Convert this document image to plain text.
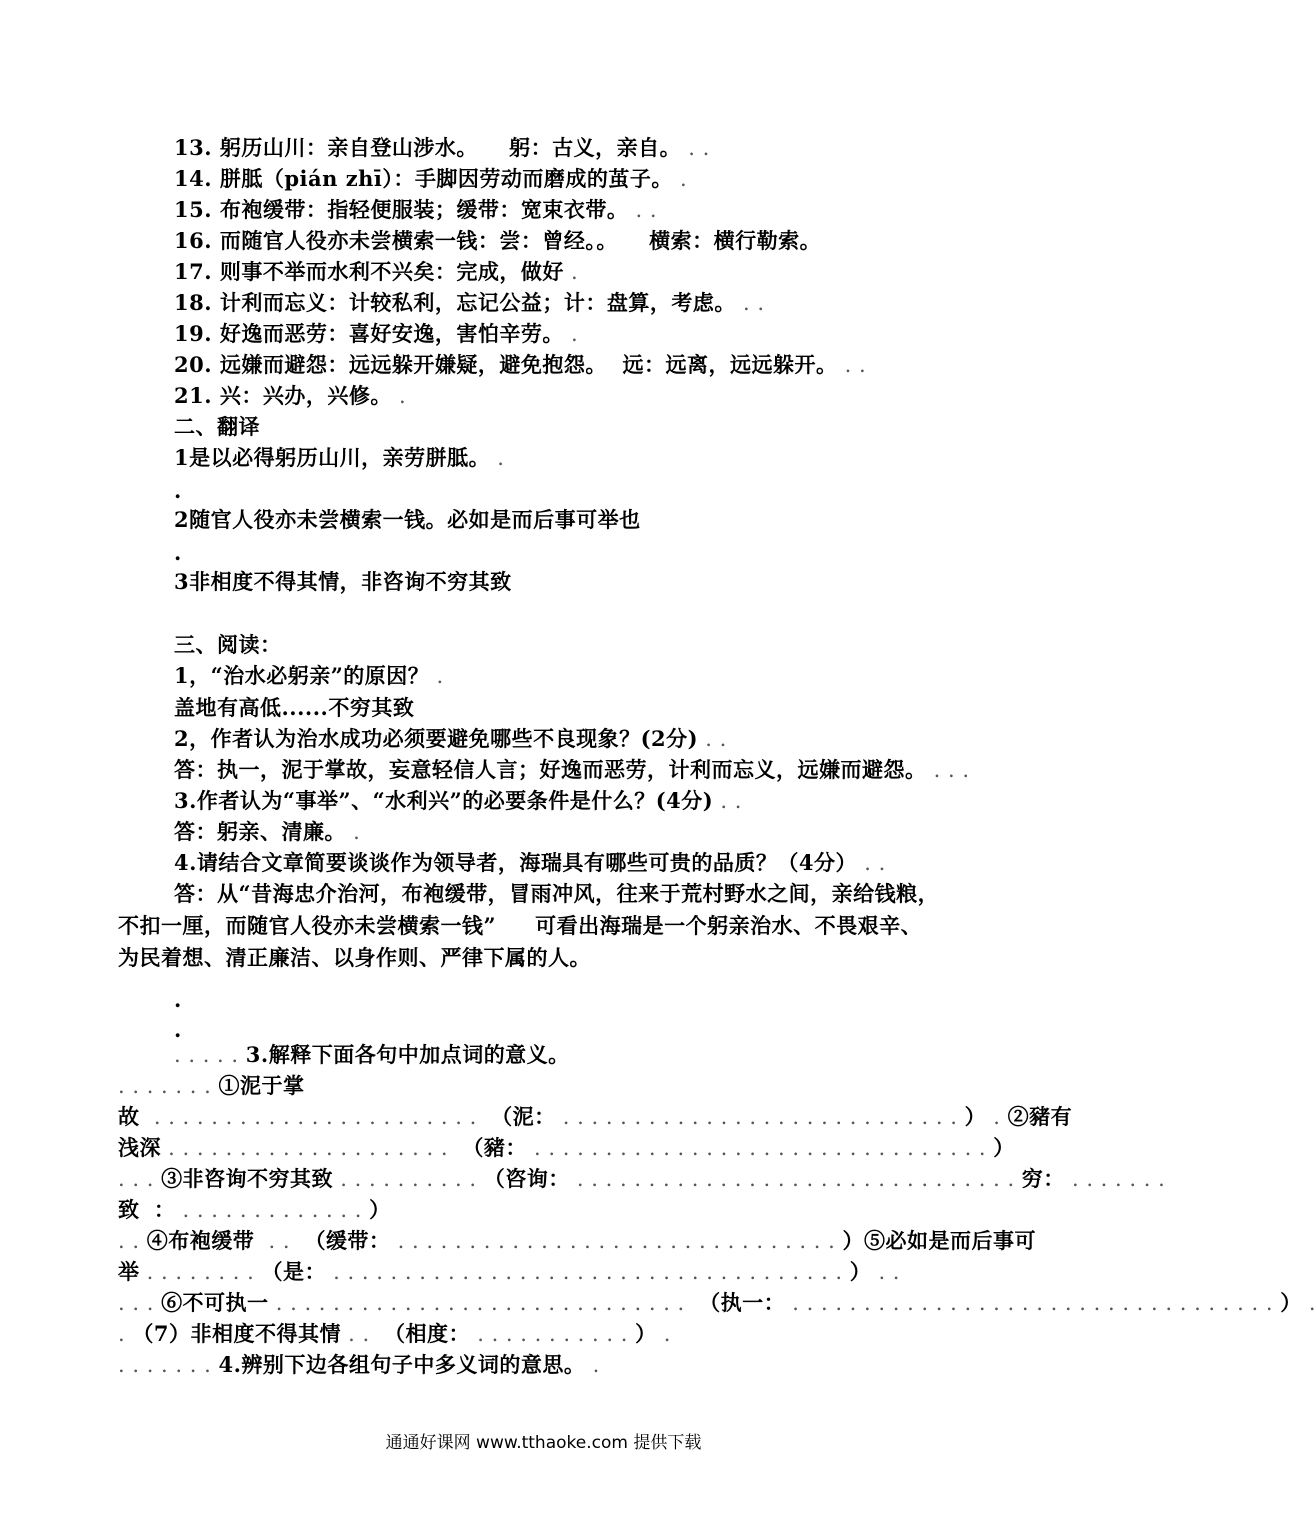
13. 躬历山川：亲自登山涉水。    躬：古义，亲自。 . .
14. 胼胝（pián zhī）：手脚因劳动而磨成的茧子。 .
15. 布袍缓带：指轻便服装；缓带：宽束衣带。 . .
16. 而随官人役亦未尝横索一钱：尝：曾经。。    横索：横行勒索。
17. 则事不举而水利不兴矣：完成，做好 .
18. 计利而忘义：计较私利，忘记公益；计：盘算，考虑。 . .
19. 好逸而恶劳：喜好安逸，害怕辛劳。 .
20. 远嫌而避怨：远远躲开嫌疑，避免抱怨。  远：远离，远远躲开。 . .
21. 兴：兴办，兴修。 .
二、翻译
1是以必得躬历山川，亲劳胼胝。 .
.
2随官人役亦未尝横索一钱。必如是而后事可举也
.
3非相度不得其情，非咨询不穷其致
三、阅读：
1，“治水必躬亲”的原因？ .
盖地有高低......不穷其致
2，作者认为治水成功必须要避免哪些不良现象？(2分) . .
答：执一，泥于掌故，妄意轻信人言；好逸而恶劳，计利而忘义，远嫌而避怨。 . . .
3.作者认为“事举”、“水利兴”的必要条件是什么？(4分) . .
答：躬亲、清廉。 .
4.请结合文章简要谈谈作为领导者，海瑞具有哪些可贵的品质？（4分） . .
答：从“昔海忠介治河，布袍缓带，冒雨冲风，往来于荒村野水之间，亲给钱粮，
不扣一厘，而随官人役亦未尝横索一钱”     可看出海瑞是一个躬亲治水、不畏艰辛、
为民着想、清正廉洁、以身作则、严律下属的人。
.
.
. . . . . 3.解释下面各句中加点词的意义。
. . . . . . . ①泥于掌
故  . . . . . . . . . . . . . . . . . . . . . . .  （泥： . . . . . . . . . . . . . . . . . . . . . . . . . . . . ） . ②豬有
浅深 . . . . . . . . . . . . . . . . . . . .  （豬： . . . . . . . . . . . . . . . . . . . . . . . . . . . . . . . . ）
. . . ③非咨询不穷其致 . . . . . . . . . . （咨询： . . . . . . . . . . . . . . . . . . . . . . . . . . . . . . . 穷： . . . . . . .
致 ： . . . . . . . . . . . . . ）
. . ④布袍缓带  . .  （缓带： . . . . . . . . . . . . . . . . . . . . . . . . . . . . . . . ）⑤必如是而后事可
举 . . . . . . . . （是： . . . . . . . . . . . . . . . . . . . . . . . . . . . . . . . . . . . . ） . .
. . . ⑥不可执一 . . . . . . . . . . . . . . . . . . . . . . . . . . . . .  （执一： . . . . . . . . . . . . . . . . . . . . . . . . . . . . . . . . . . ） .
. （7）非相度不得其情 . .  （相度： . . . . . . . . . . . ） .
. . . . . . . 4.辨别下边各组句子中多义词的意思。 .
通通好课网 www.tthaoke.com 提供下载
